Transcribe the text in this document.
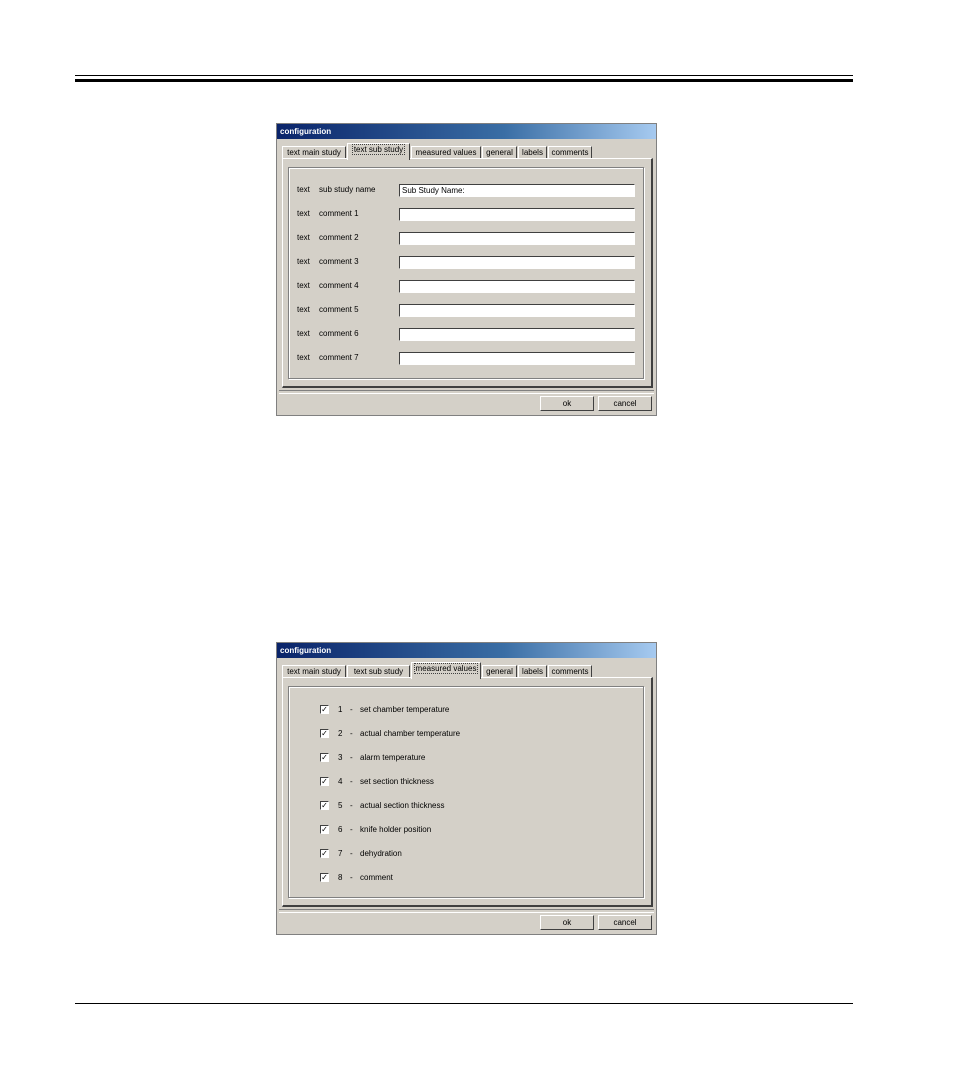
configuration
text main study	text sub study	measured values	general	labels	comments
text sub study name	Sub Study Name:
text comment 1
text comment 2
text comment 3
text comment 4
text comment 5
text comment 6
text comment 7
ok	cancel
configuration
text main study	text sub study	measured values	general	labels	comments
✓ 1 - set chamber temperature
✓ 2 - actual chamber temperature
✓ 3 - alarm temperature
✓ 4 - set section thickness
✓ 5 - actual section thickness
✓ 6 - knife holder position
✓ 7 - dehydration
✓ 8 - comment
ok	cancel
